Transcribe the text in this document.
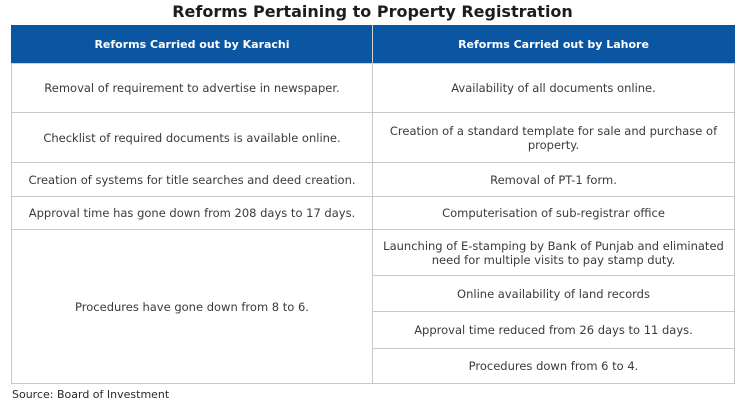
Reforms Pertaining to Property Registration
Reforms Carried out by Karachi	Reforms Carried out by Lahore
Removal of requirement to advertise in newspaper.	Availability of all documents online.
Checklist of required documents is available online.	Creation of a standard template for sale and purchase of property.
Creation of systems for title searches and deed creation.	Removal of PT-1 form.
Approval time has gone down from 208 days to 17 days.	Computerisation of sub-registrar office
Procedures have gone down from 8 to 6.	Launching of E-stamping by Bank of Punjab and eliminated need for multiple visits to pay stamp duty.
	Online availability of land records
	Approval time reduced from 26 days to 11 days.
	Procedures down from 6 to 4.
Source: Board of Investment
